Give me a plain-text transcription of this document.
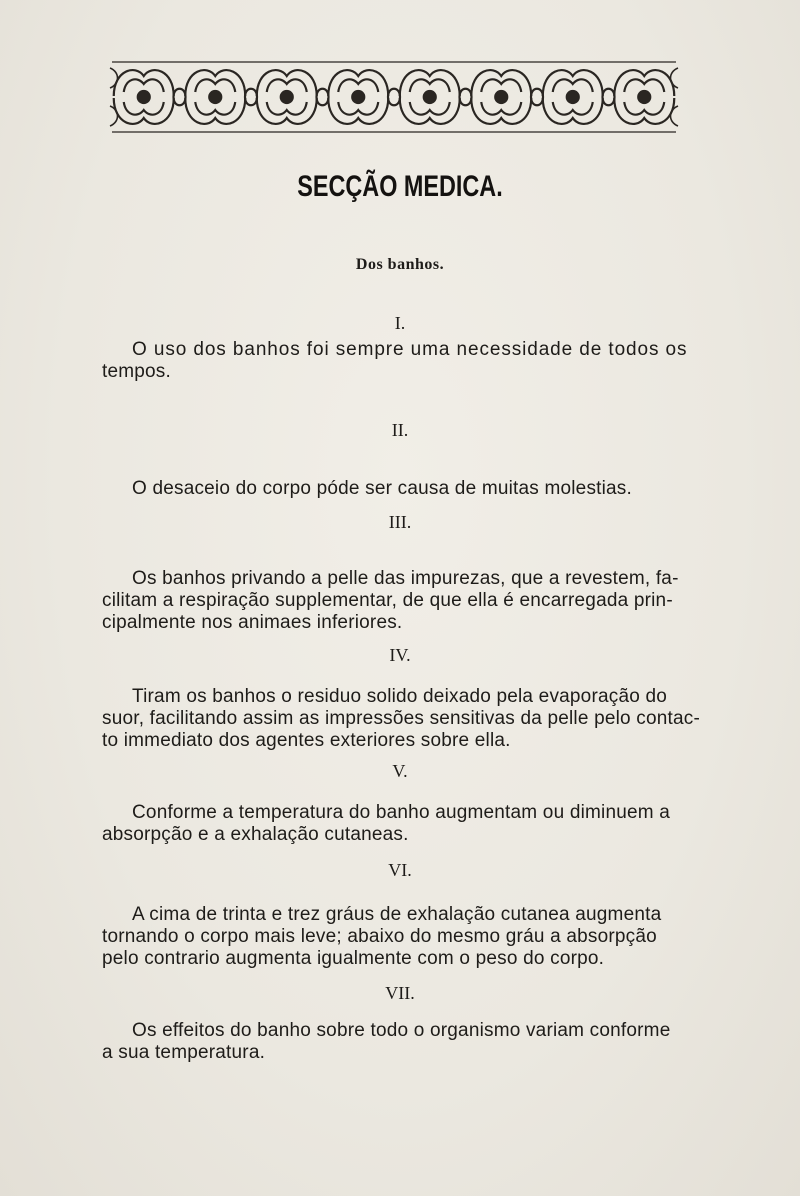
SECÇÃO MEDICA.
Dos banhos.
I.
O uso dos banhos foi sempre uma necessidade de todos os
tempos.
II.
O desaceio do corpo póde ser causa de muitas molestias.
III.
Os banhos privando a pelle das impurezas, que a revestem, fa-
cilitam a respiração supplementar, de que ella é encarregada prin-
cipalmente nos animaes inferiores.
IV.
Tiram os banhos o residuo solido deixado pela evaporação do
suor, facilitando assim as impressões sensitivas da pelle pelo contac-
to immediato dos agentes exteriores sobre ella.
V.
Conforme a temperatura do banho augmentam ou diminuem a
absorpção e a exhalação cutaneas.
VI.
A cima de trinta e trez gráus de exhalação cutanea augmenta
tornando o corpo mais leve; abaixo do mesmo gráu a absorpção
pelo contrario augmenta igualmente com o peso do corpo.
VII.
Os effeitos do banho sobre todo o organismo variam conforme
a sua temperatura.
